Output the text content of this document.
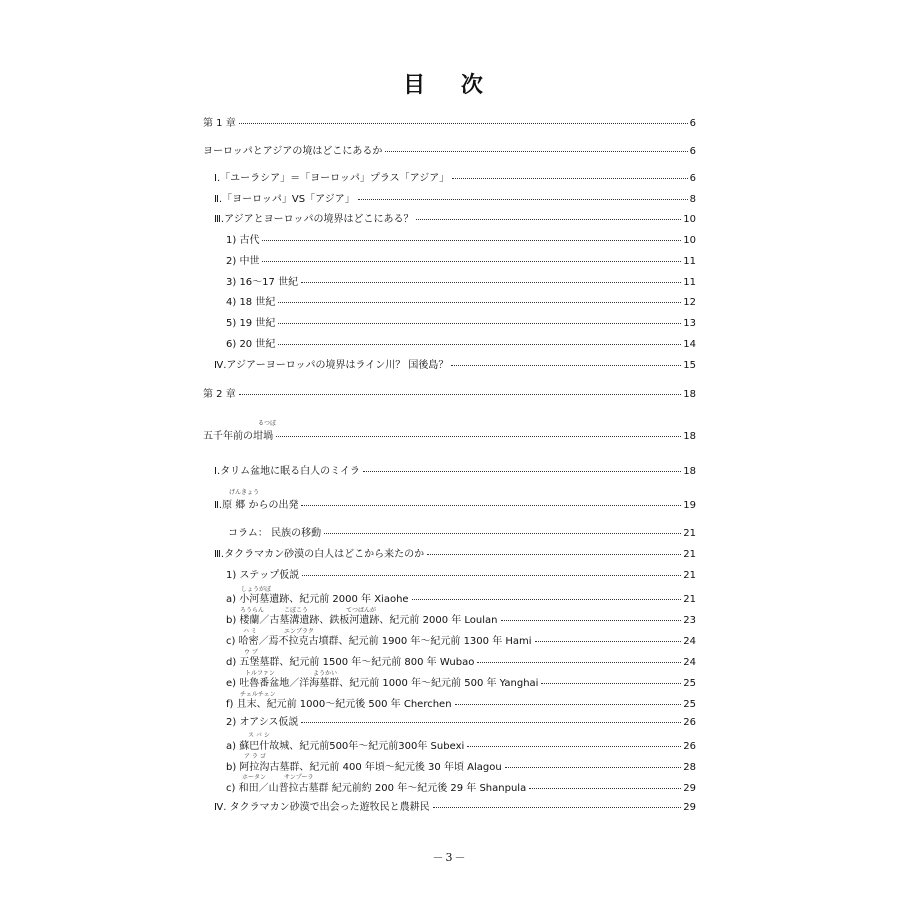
目 次
第 1 章	6
ヨーロッパとアジアの境はどこにあるか	6
Ⅰ.「ユーラシア」＝「ヨーロッパ」プラス「アジア」	6
Ⅱ.「ヨーロッパ」VS「アジア」	8
Ⅲ.アジアとヨーロッパの境界はどこにある？	10
1) 古代	10
2) 中世	11
3) 16～17 世紀	11
4) 18 世紀	12
5) 19 世紀	13
6) 20 世紀	14
Ⅳ.アジアーヨーロッパの境界はライン川？ 国後島？	15
第 2 章	18
五千年前の坩堝	18
Ⅰ.タリム盆地に眠る白人のミイラ	18
Ⅱ.原 郷 からの出発	19
コラム： 民族の移動	21
Ⅲ.タクラマカン砂漠の白人はどこから来たのか	21
1) ステップ仮説	21
a) 小河墓遺跡、紀元前 2000 年 Xiaohe	21
b) 楼蘭／古墓溝遺跡、鉄板河遺跡、紀元前 2000 年 Loulan	23
c) 哈密／焉不拉克古墳群、紀元前 1900 年～紀元前 1300 年 Hami	24
d) 五堡墓群、紀元前 1500 年～紀元前 800 年 Wubao	24
e) 吐魯番盆地／洋海墓群、紀元前 1000 年～紀元前 500 年 Yanghai	25
f) 且末、紀元前 1000～紀元後 500 年 Cherchen	25
2) オアシス仮説	26
a) 蘇巴什故城、紀元前500年～紀元前300年 Subexi	26
b) 阿拉沟古墓群、紀元前 400 年頃～紀元後 30 年頃 Alagou	28
c) 和田／山普拉古墓群 紀元前約 200 年～紀元後 29 年 Shanpula	29
Ⅳ. タクラマカン砂漠で出会った遊牧民と農耕民	29
るつぼ
げんきょう
しょうがぼ
ろうらん	こぼこう	てつばんが
ハ ミ	エンブラク
ウ ブ
トルファン	ようかい
チェルチェン
ス バ シ
ア ラ ゴ
ホータン	サンプーラ
－3－
